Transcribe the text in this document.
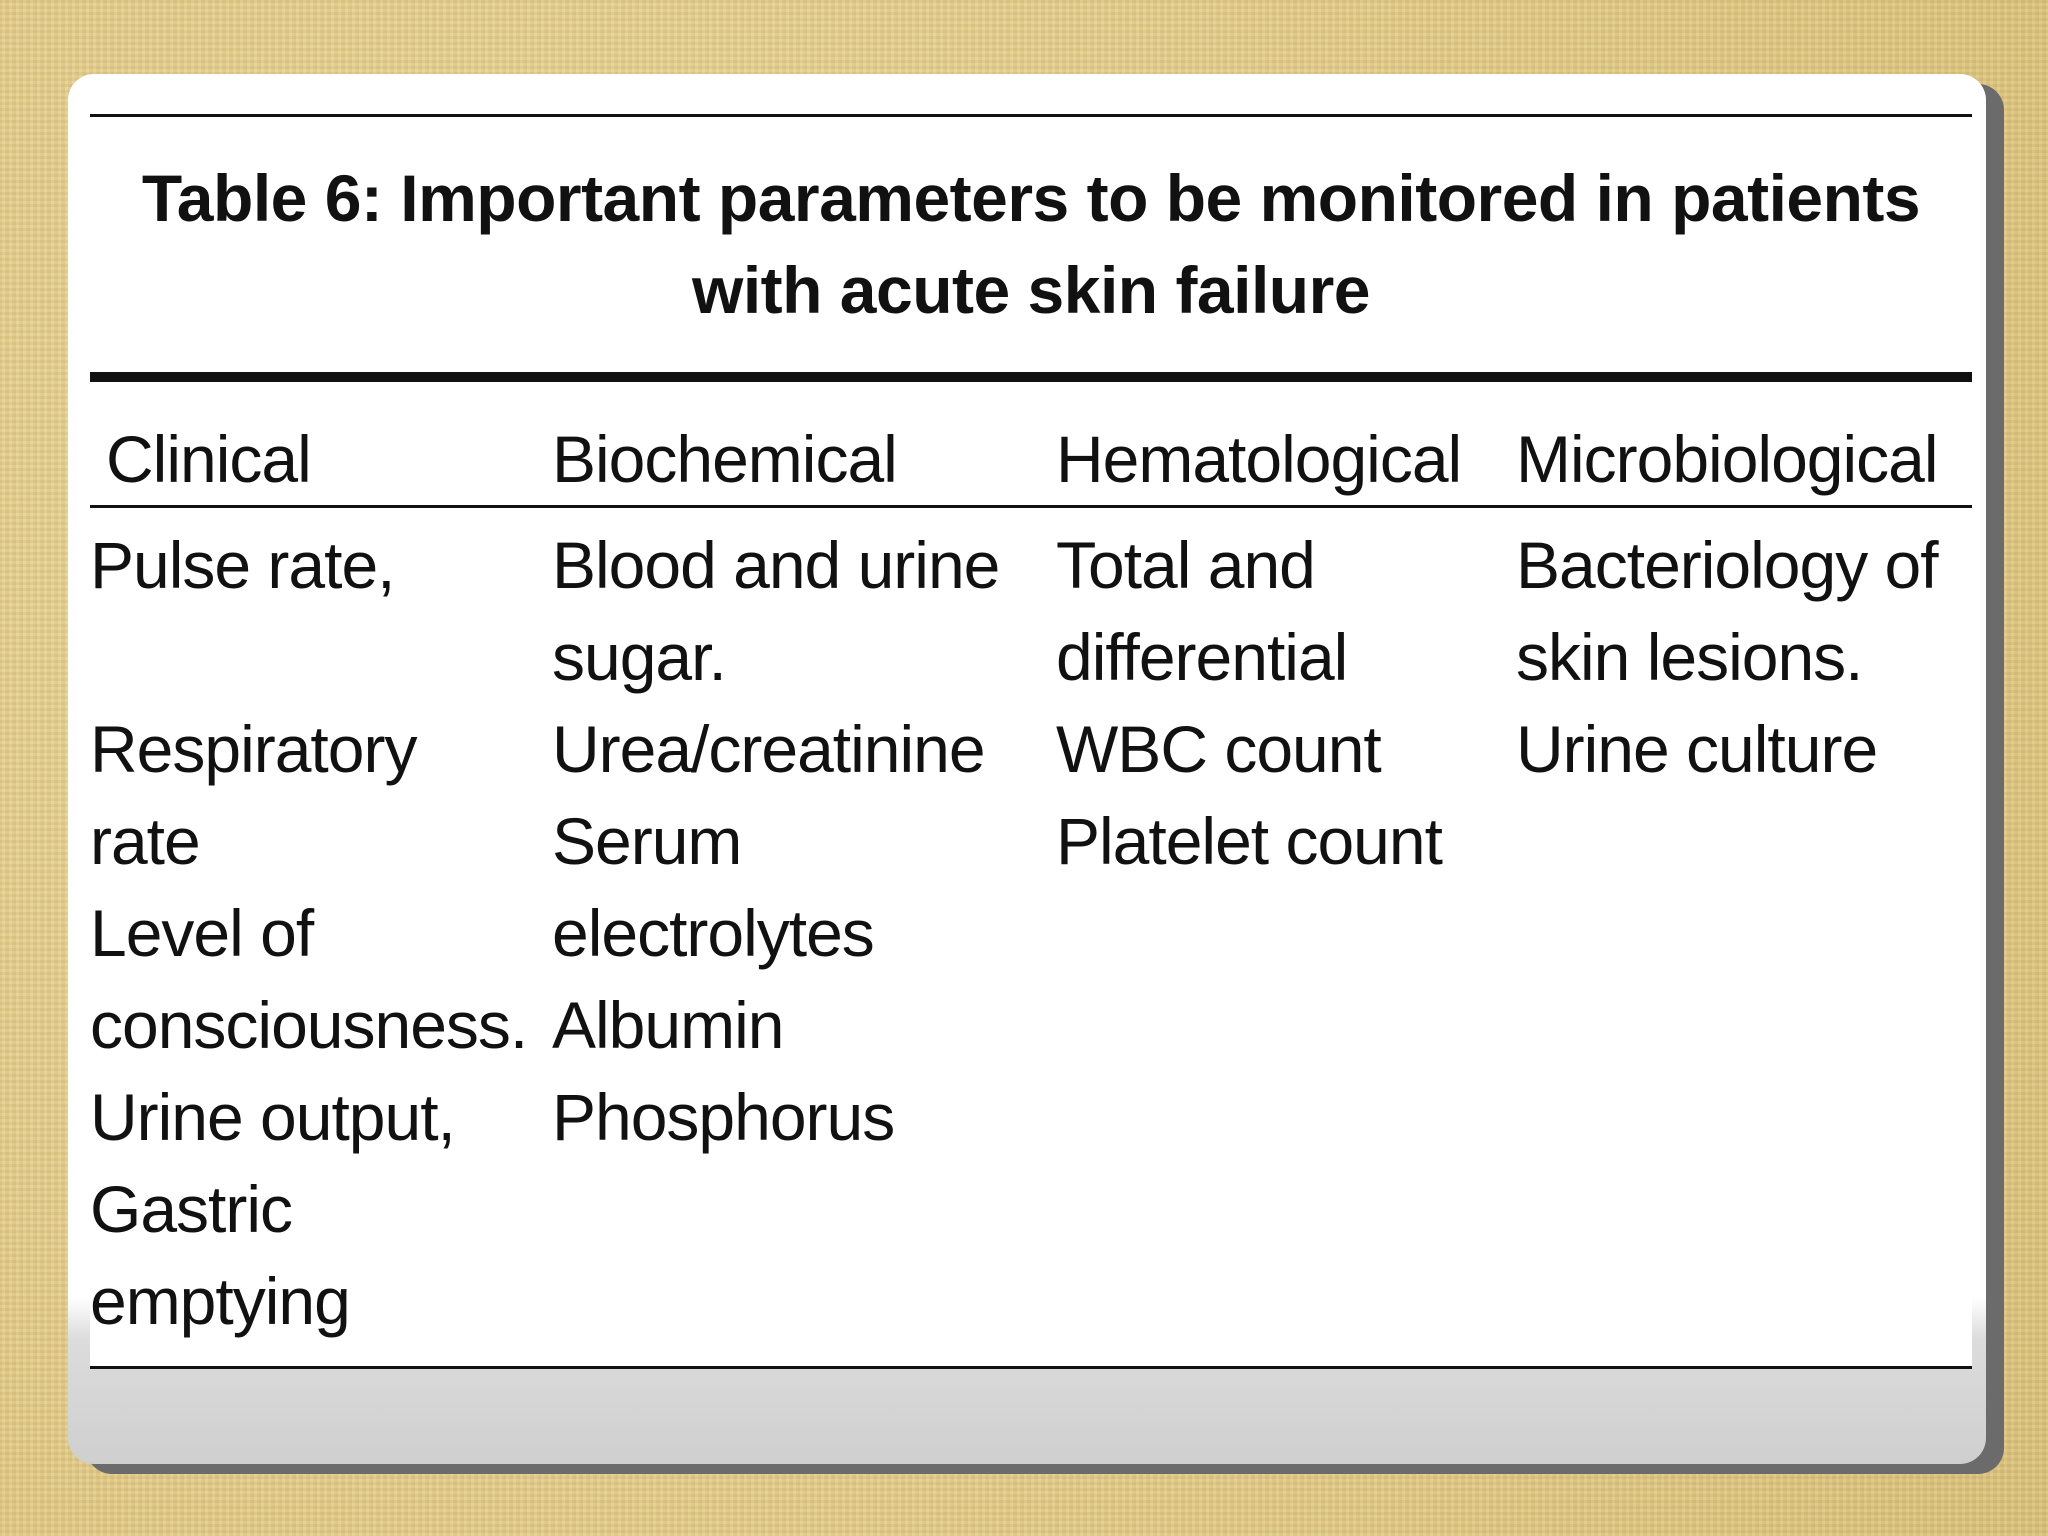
Table 6: Important parameters to be monitored in patients
with acute skin failure
Clinical	Biochemical Hematological Microbiological
Pulse rate,
Respiratory
rate
Level of
consciousness.
Urine output,
Gastric
emptying
Blood and urine
sugar.
Urea/creatinine
Serum
electrolytes
Albumin
Phosphorus
Total and
differential
WBC count
Platelet count
Bacteriology of
skin lesions.
Urine culture
